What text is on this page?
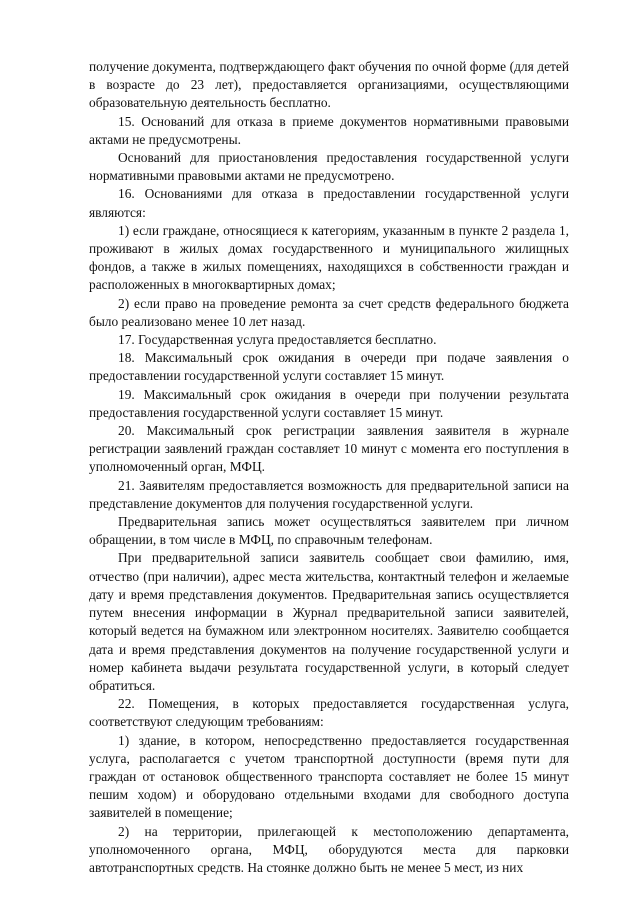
получение документа, подтверждающего факт обучения по очной форме (для детей в возрасте до 23 лет), предоставляется организациями, осуществляющими образовательную деятельность бесплатно.

15. Оснований для отказа в приеме документов нормативными правовыми актами не предусмотрены.

Оснований для приостановления предоставления государственной услуги нормативными правовыми актами не предусмотрено.

16. Основаниями для отказа в предоставлении государственной услуги являются:

1) если граждане, относящиеся к категориям, указанным в пункте 2 раздела 1, проживают в жилых домах государственного и муниципального жилищных фондов, а также в жилых помещениях, находящихся в собственности граждан и расположенных в многоквартирных домах;

2) если право на проведение ремонта за счет средств федерального бюджета было реализовано менее 10 лет назад.

17. Государственная услуга предоставляется бесплатно.

18. Максимальный срок ожидания в очереди при подаче заявления о предоставлении государственной услуги составляет 15 минут.

19. Максимальный срок ожидания в очереди при получении результата предоставления государственной услуги составляет 15 минут.

20. Максимальный срок регистрации заявления заявителя в журнале регистрации заявлений граждан составляет 10 минут с момента его поступления в уполномоченный орган, МФЦ.

21. Заявителям предоставляется возможность для предварительной записи на представление документов для получения государственной услуги.

Предварительная запись может осуществляться заявителем при личном обращении, в том числе в МФЦ, по справочным телефонам.

При предварительной записи заявитель сообщает свои фамилию, имя, отчество (при наличии), адрес места жительства, контактный телефон и желаемые дату и время представления документов. Предварительная запись осуществляется путем внесения информации в Журнал предварительной записи заявителей, который ведется на бумажном или электронном носителях. Заявителю сообщается дата и время представления документов на получение государственной услуги и номер кабинета выдачи результата государственной услуги, в который следует обратиться.

22. Помещения, в которых предоставляется государственная услуга, соответствуют следующим требованиям:

1) здание, в котором, непосредственно предоставляется государственная услуга, располагается с учетом транспортной доступности (время пути для граждан от остановок общественного транспорта составляет не более 15 минут пешим ходом) и оборудовано отдельными входами для свободного доступа заявителей в помещение;

2) на территории, прилегающей к местоположению департамента, уполномоченного органа, МФЦ, оборудуются места для парковки автотранспортных средств. На стоянке должно быть не менее 5 мест, из них
